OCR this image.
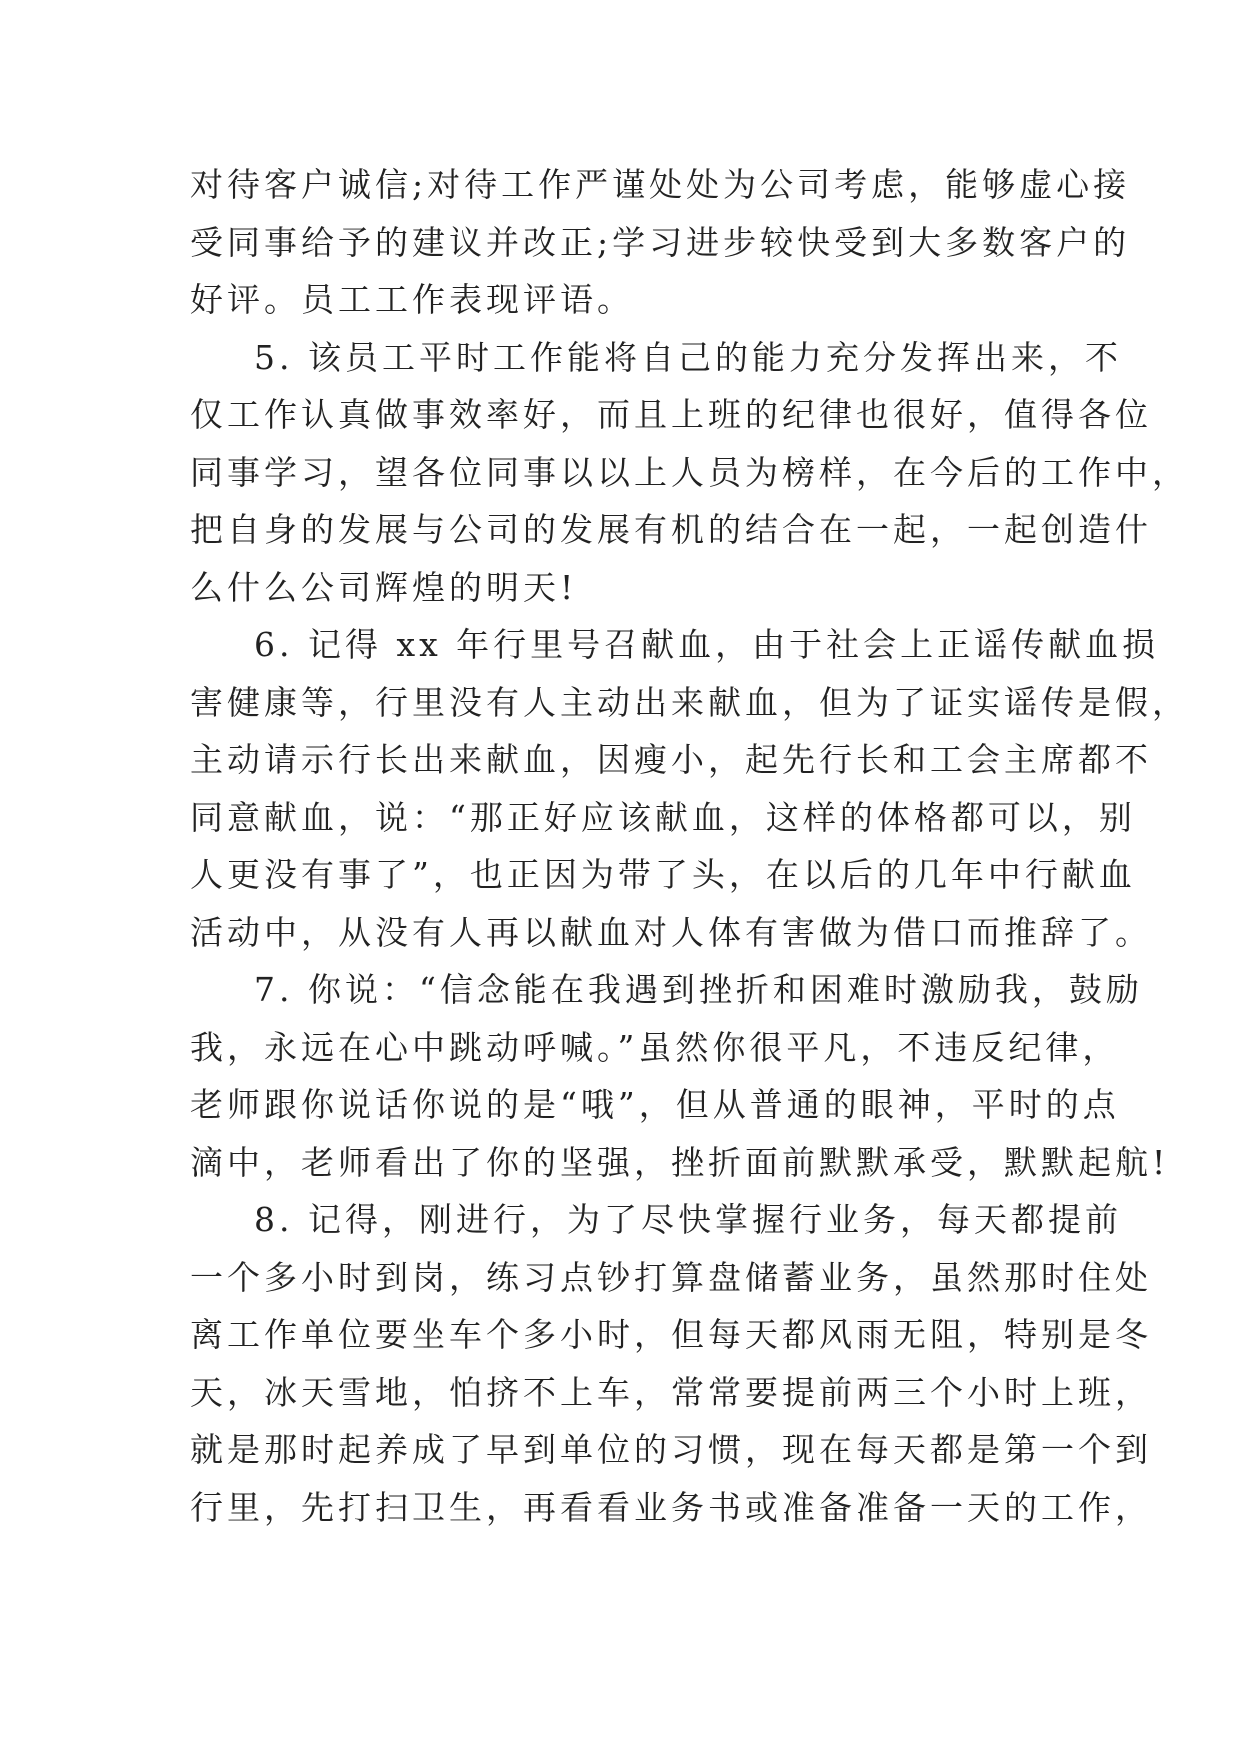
对待客户诚信;对待工作严谨处处为公司考虑，能够虚心接
受同事给予的建议并改正;学习进步较快受到大多数客户的
好评。员工工作表现评语。
5. 该员工平时工作能将自己的能力充分发挥出来，不
仅工作认真做事效率好，而且上班的纪律也很好，值得各位
同事学习，望各位同事以以上人员为榜样，在今后的工作中，
把自身的发展与公司的发展有机的结合在一起，一起创造什
么什么公司辉煌的明天!
6. 记得 xx 年行里号召献血，由于社会上正谣传献血损
害健康等，行里没有人主动出来献血，但为了证实谣传是假，
主动请示行长出来献血，因瘦小，起先行长和工会主席都不
同意献血，说：“那正好应该献血，这样的体格都可以，别
人更没有事了”，也正因为带了头，在以后的几年中行献血
活动中，从没有人再以献血对人体有害做为借口而推辞了。
7. 你说：“信念能在我遇到挫折和困难时激励我，鼓励
我，永远在心中跳动呼喊。”虽然你很平凡，不违反纪律，
老师跟你说话你说的是“哦”，但从普通的眼神，平时的点
滴中，老师看出了你的坚强，挫折面前默默承受，默默起航!
8. 记得，刚进行，为了尽快掌握行业务，每天都提前
一个多小时到岗，练习点钞打算盘储蓄业务，虽然那时住处
离工作单位要坐车个多小时，但每天都风雨无阻，特别是冬
天，冰天雪地，怕挤不上车，常常要提前两三个小时上班，
就是那时起养成了早到单位的习惯，现在每天都是第一个到
行里，先打扫卫生，再看看业务书或准备准备一天的工作，
